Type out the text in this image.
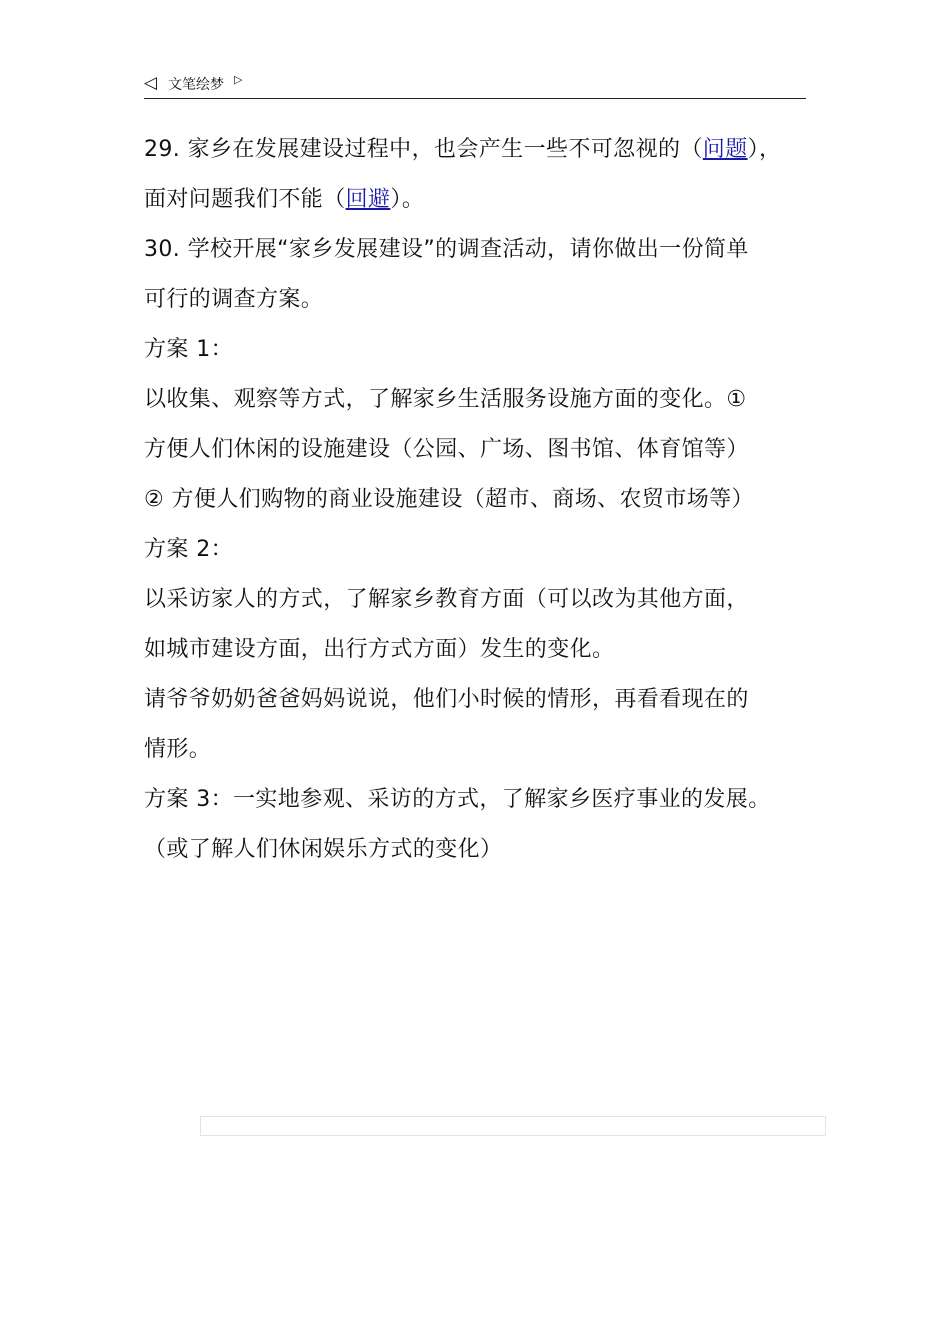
◁ 文笔绘梦 ▷
29. 家乡在发展建设过程中，也会产生一些不可忽视的（问题），
面对问题我们不能（回避）。
30. 学校开展“家乡发展建设”的调查活动，请你做出一份简单
可行的调查方案。
方案 1：
以收集、观察等方式，了解家乡生活服务设施方面的变化。①
方便人们休闲的设施建设（公园、广场、图书馆、体育馆等）
② 方便人们购物的商业设施建设（超市、商场、农贸市场等）
方案 2：
以采访家人的方式，了解家乡教育方面（可以改为其他方面，
如城市建设方面，出行方式方面）发生的变化。
请爷爷奶奶爸爸妈妈说说，他们小时候的情形，再看看现在的
情形。
方案 3：一实地参观、采访的方式，了解家乡医疗事业的发展。
（或了解人们休闲娱乐方式的变化）
